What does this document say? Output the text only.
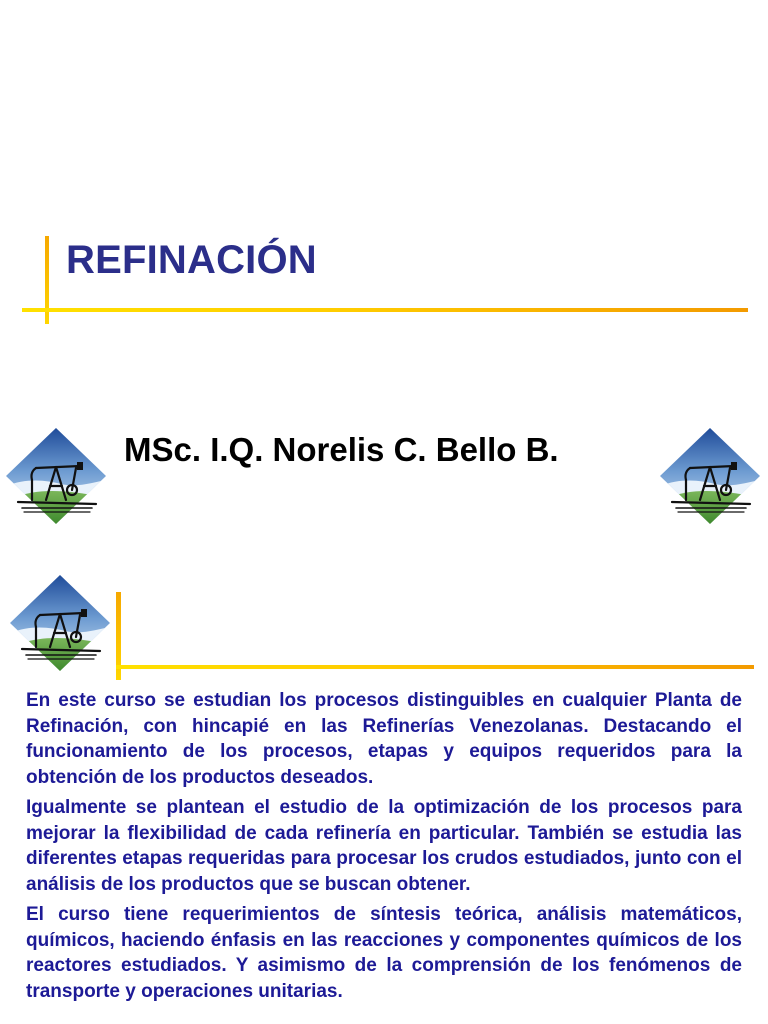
REFINACIÓN
MSc. I.Q. Norelis C. Bello B.

En este curso se estudian los procesos distinguibles en cualquier Planta de Refinación, con hincapié en las Refinerías Venezolanas. Destacando el funcionamiento de los procesos, etapas y equipos requeridos para la obtención de los productos deseados.

Igualmente se plantean el estudio de la optimización de los procesos para mejorar la flexibilidad de cada refinería en particular. También se estudia las diferentes etapas requeridas para procesar los crudos estudiados, junto con el análisis de los productos que se buscan obtener.

El curso tiene requerimientos de síntesis teórica, análisis matemáticos, químicos, haciendo énfasis en las reacciones y componentes químicos de los reactores estudiados. Y asimismo de la comprensión de los fenómenos de transporte y operaciones unitarias.
